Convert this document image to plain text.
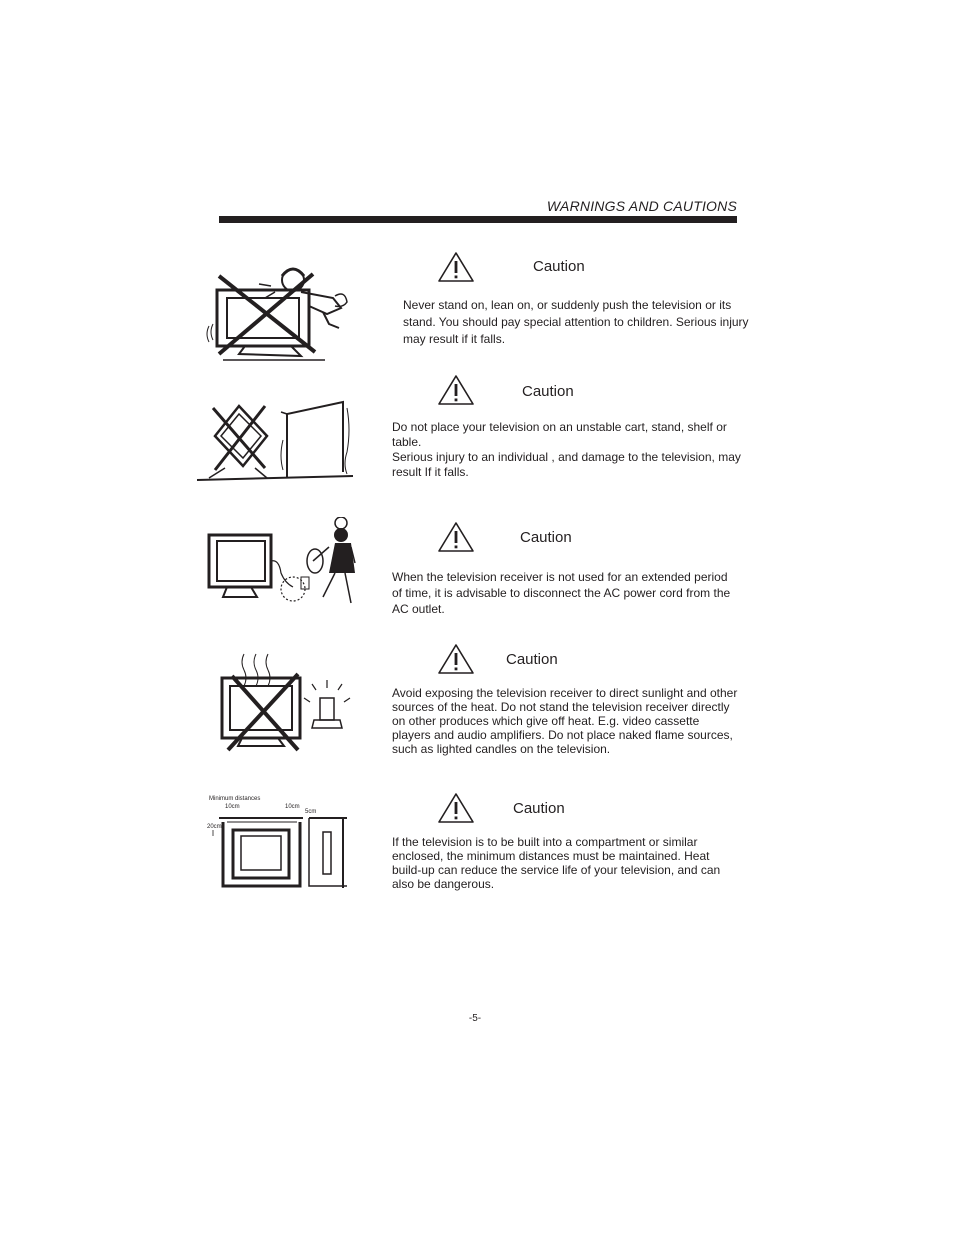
WARNINGS AND CAUTIONS
Caution
Never stand on, lean on, or suddenly push the television or its stand. You should pay special attention to children. Serious injury may result if it falls.
Caution
Do not place your television on an unstable cart, stand, shelf or table.
Serious injury to an individual , and damage to the television, may result If it falls.
Caution
When the television receiver is not used for an extended period of time, it is advisable to disconnect the AC power cord from the AC outlet.
Caution
Avoid exposing the television receiver to direct sunlight and other sources of the heat. Do not stand the television receiver directly on other produces which give off heat. E.g. video cassette players and audio amplifiers. Do not place naked flame sources, such as lighted candles on the television.
Minimum distances
10cm	10cm
5cm
20cm
Caution
If the television is to be built into a compartment or similar enclosed, the minimum distances must be maintained. Heat build-up can reduce the service life of your television, and can also be dangerous.
-5-
